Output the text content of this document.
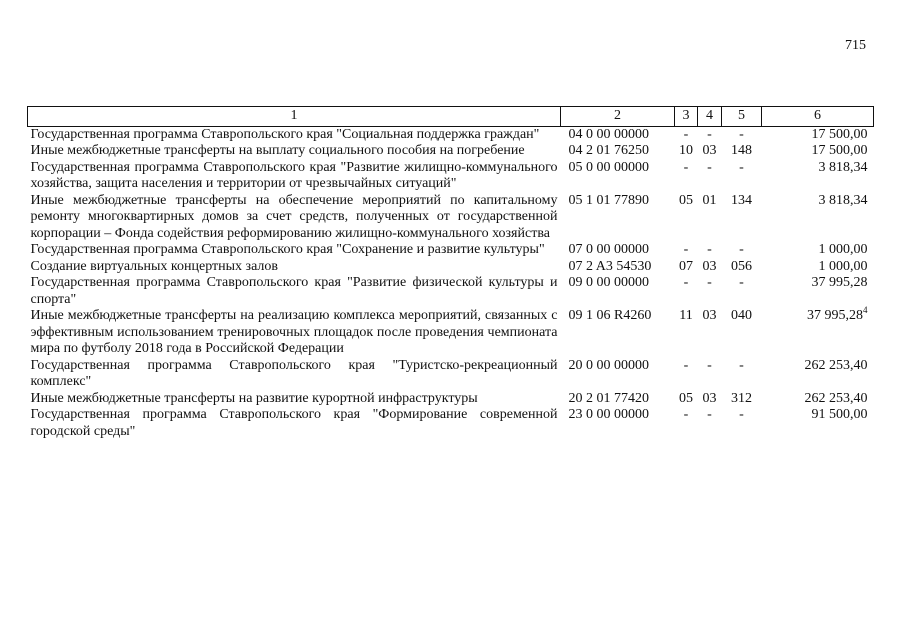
715
1	2	3	4	5	6
Государственная программа Ставропольского края "Социальная поддержка граждан"	04 0 00 00000	-	-	-	17 500,00
Иные межбюджетные трансферты на выплату социального пособия на погребение	04 2 01 76250	10	03	148	17 500,00
Государственная программа Ставропольского края "Развитие жилищно-коммунального хозяйства, защита населения и территории от чрезвычайных ситуаций"	05 0 00 00000	-	-	-	3 818,34
Иные межбюджетные трансферты на обеспечение мероприятий по капитальному ремонту многоквартирных домов за счет средств, полученных от государственной корпорации – Фонда содействия реформированию жилищно-коммунального хозяйства	05 1 01 77890	05	01	134	3 818,34
Государственная программа Ставропольского края "Сохранение и развитие культуры"	07 0 00 00000	-	-	-	1 000,00
Создание виртуальных концертных залов	07 2 A3 54530	07	03	056	1 000,00
Государственная программа Ставропольского края "Развитие физической культуры и спорта"	09 0 00 00000	-	-	-	37 995,28
Иные межбюджетные трансферты на реализацию комплекса мероприятий, связанных с эффективным использованием тренировочных площадок после проведения чемпионата мира по футболу 2018 года в Российской Федерации	09 1 06 R4260	11	03	040	37 995,28$^4$
Государственная программа Ставропольского края "Туристско-рекреационный комплекс"	20 0 00 00000	-	-	-	262 253,40
Иные межбюджетные трансферты на развитие курортной инфраструктуры	20 2 01 77420	05	03	312	262 253,40
Государственная программа Ставропольского края "Формирование современной городской среды"	23 0 00 00000	-	-	-	91 500,00
